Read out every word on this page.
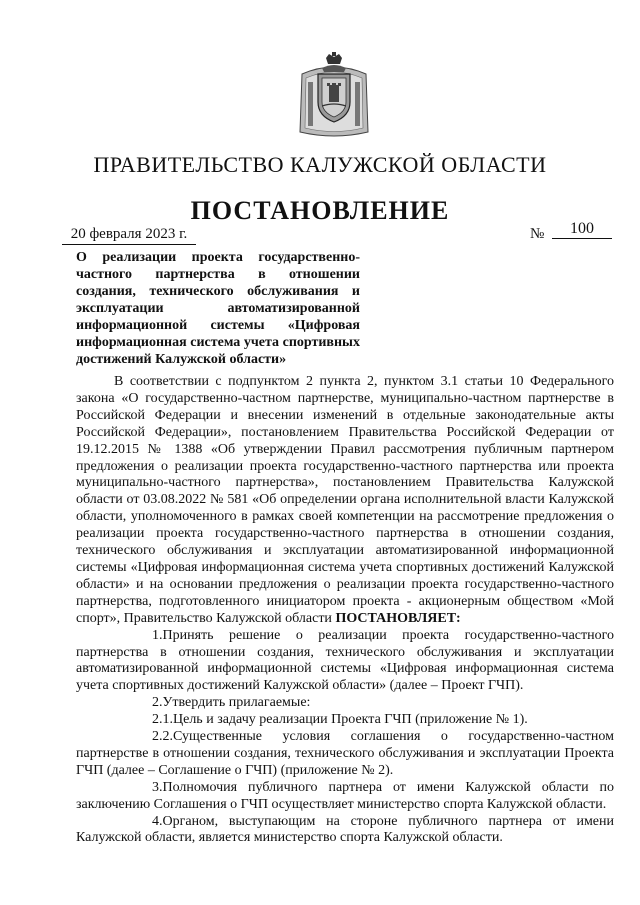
ПРАВИТЕЛЬСТВО КАЛУЖСКОЙ ОБЛАСТИ
ПОСТАНОВЛЕНИЕ
20 февраля 2023 г.	№	100
О реализации проекта государственно-частного партнерства в отношении создания, технического обслуживания и эксплуатации автоматизированной информационной системы «Цифровая информационная система учета спортивных достижений Калужской области»

В соответствии с подпунктом 2 пункта 2, пунктом 3.1 статьи 10 Федерального закона «О государственно-частном партнерстве, муниципально-частном партнерстве в Российской Федерации и внесении изменений в отдельные законодательные акты Российской Федерации», постановлением Правительства Российской Федерации от 19.12.2015 № 1388 «Об утверждении Правил рассмотрения публичным партнером предложения о реализации проекта государственно-частного партнерства или проекта муниципально-частного партнерства», постановлением Правительства Калужской области от 03.08.2022 № 581 «Об определении органа исполнительной власти Калужской области, уполномоченного в рамках своей компетенции на рассмотрение предложения о реализации проекта государственно-частного партнерства в отношении создания, технического обслуживания и эксплуатации автоматизированной информационной системы «Цифровая информационная система учета спортивных достижений Калужской области» и на основании предложения о реализации проекта государственно-частного партнерства, подготовленного инициатором проекта - акционерным обществом «Мой спорт», Правительство Калужской области ПОСТАНОВЛЯЕТ:

1.Принять решение о реализации проекта государственно-частного партнерства в отношении создания, технического обслуживания и эксплуатации автоматизированной информационной системы «Цифровая информационная система учета спортивных достижений Калужской области» (далее – Проект ГЧП).

2.Утвердить прилагаемые:

2.1.Цель и задачу реализации Проекта ГЧП (приложение № 1).

2.2.Существенные условия соглашения о государственно-частном партнерстве в отношении создания, технического обслуживания и эксплуатации Проекта ГЧП (далее – Соглашение о ГЧП) (приложение № 2).

3.Полномочия публичного партнера от имени Калужской области по заключению Соглашения о ГЧП осуществляет министерство спорта Калужской области.

4.Органом, выступающим на стороне публичного партнера от имени Калужской области, является министерство спорта Калужской области.
